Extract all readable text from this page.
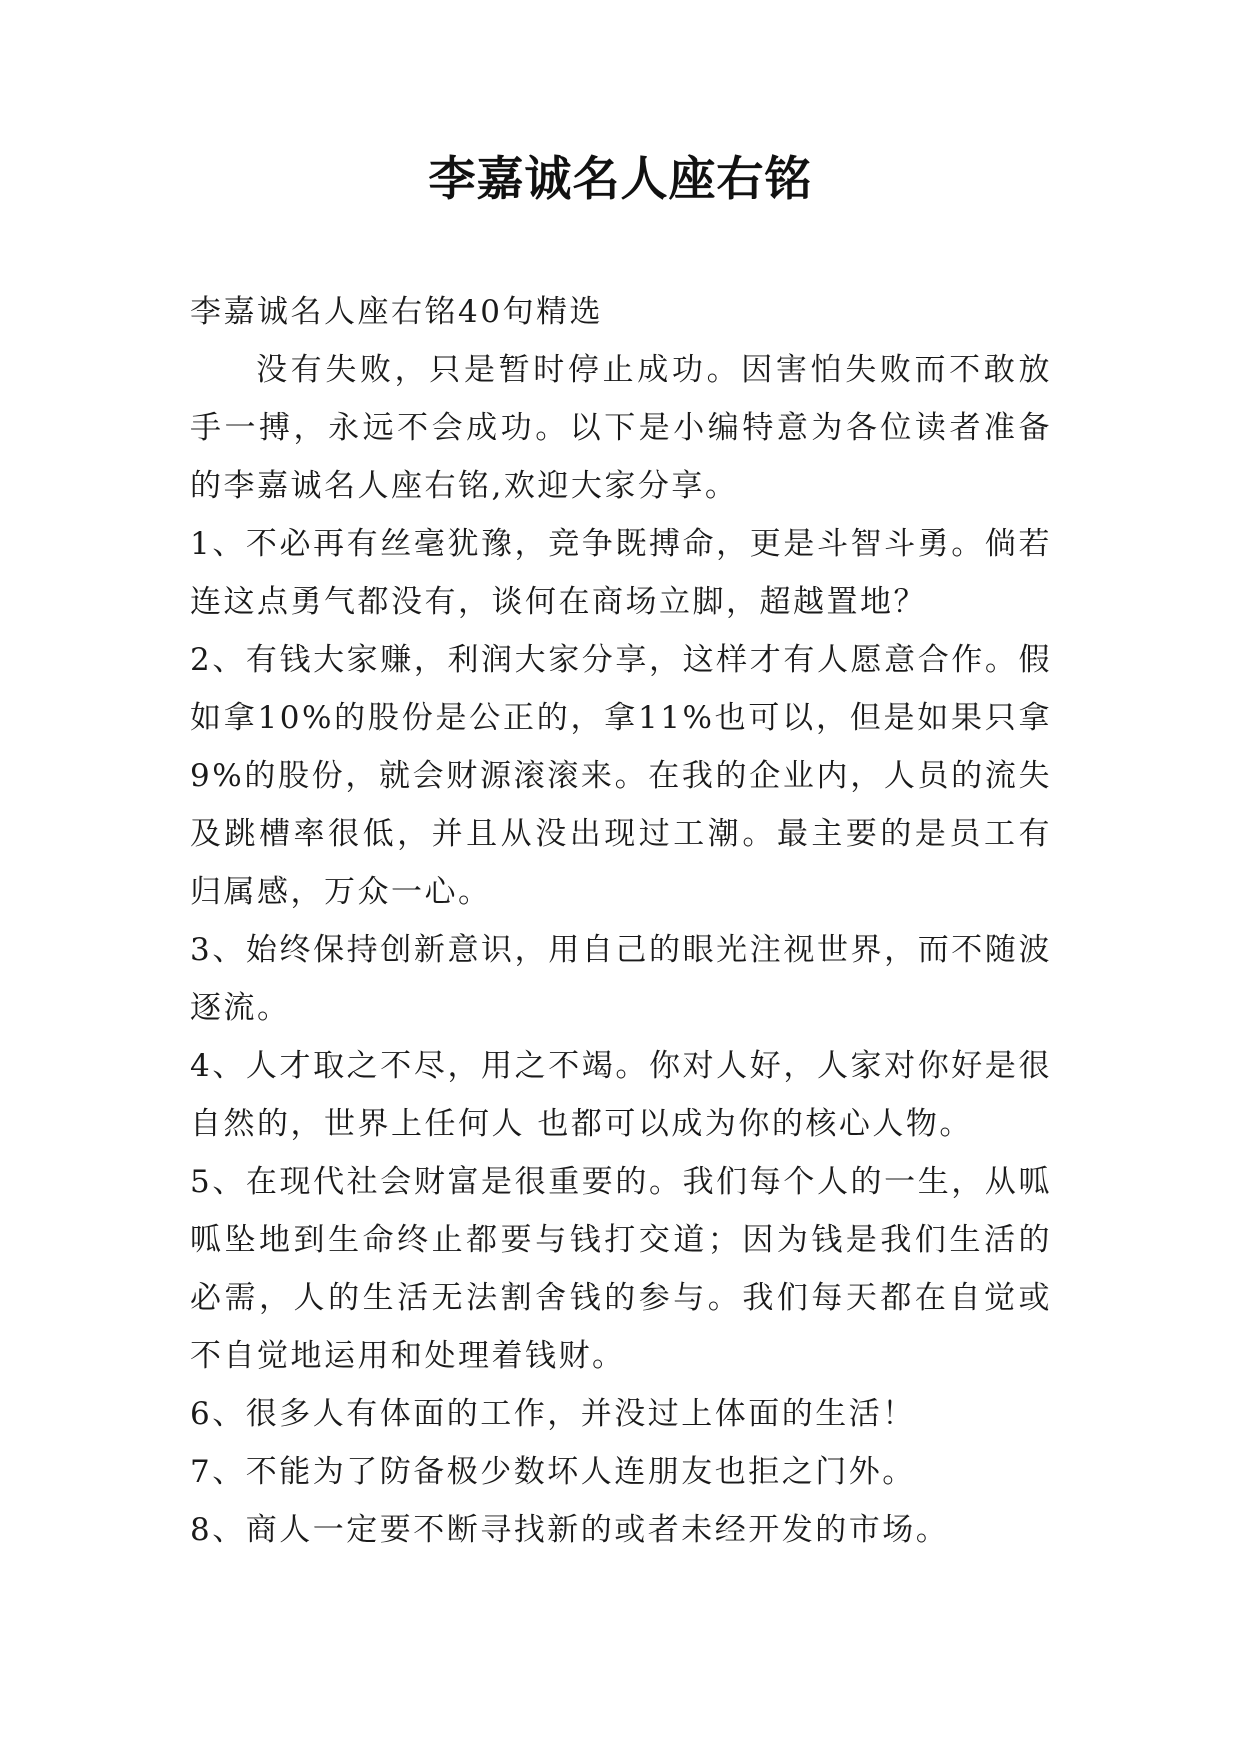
李嘉诚名人座右铭

李嘉诚名人座右铭40句精选

没有失败，只是暂时停止成功。因害怕失败而不敢放手一搏，永远不会成功。以下是小编特意为各位读者准备的李嘉诚名人座右铭,欢迎大家分享。

1、不必再有丝毫犹豫，竞争既搏命，更是斗智斗勇。倘若连这点勇气都没有，谈何在商场立脚，超越置地？

2、有钱大家赚，利润大家分享，这样才有人愿意合作。假如拿10%的股份是公正的，拿11%也可以，但是如果只拿9%的股份，就会财源滚滚来。在我的企业内，人员的流失及跳槽率很低，并且从没出现过工潮。最主要的是员工有归属感，万众一心。

3、始终保持创新意识，用自己的眼光注视世界，而不随波逐流。

4、人才取之不尽，用之不竭。你对人好，人家对你好是很自然的，世界上任何人 也都可以成为你的核心人物。

5、在现代社会财富是很重要的。我们每个人的一生，从呱呱坠地到生命终止都要与钱打交道；因为钱是我们生活的必需，人的生活无法割舍钱的参与。我们每天都在自觉或不自觉地运用和处理着钱财。

6、很多人有体面的工作，并没过上体面的生活！

7、不能为了防备极少数坏人连朋友也拒之门外。

8、商人一定要不断寻找新的或者未经开发的市场。
